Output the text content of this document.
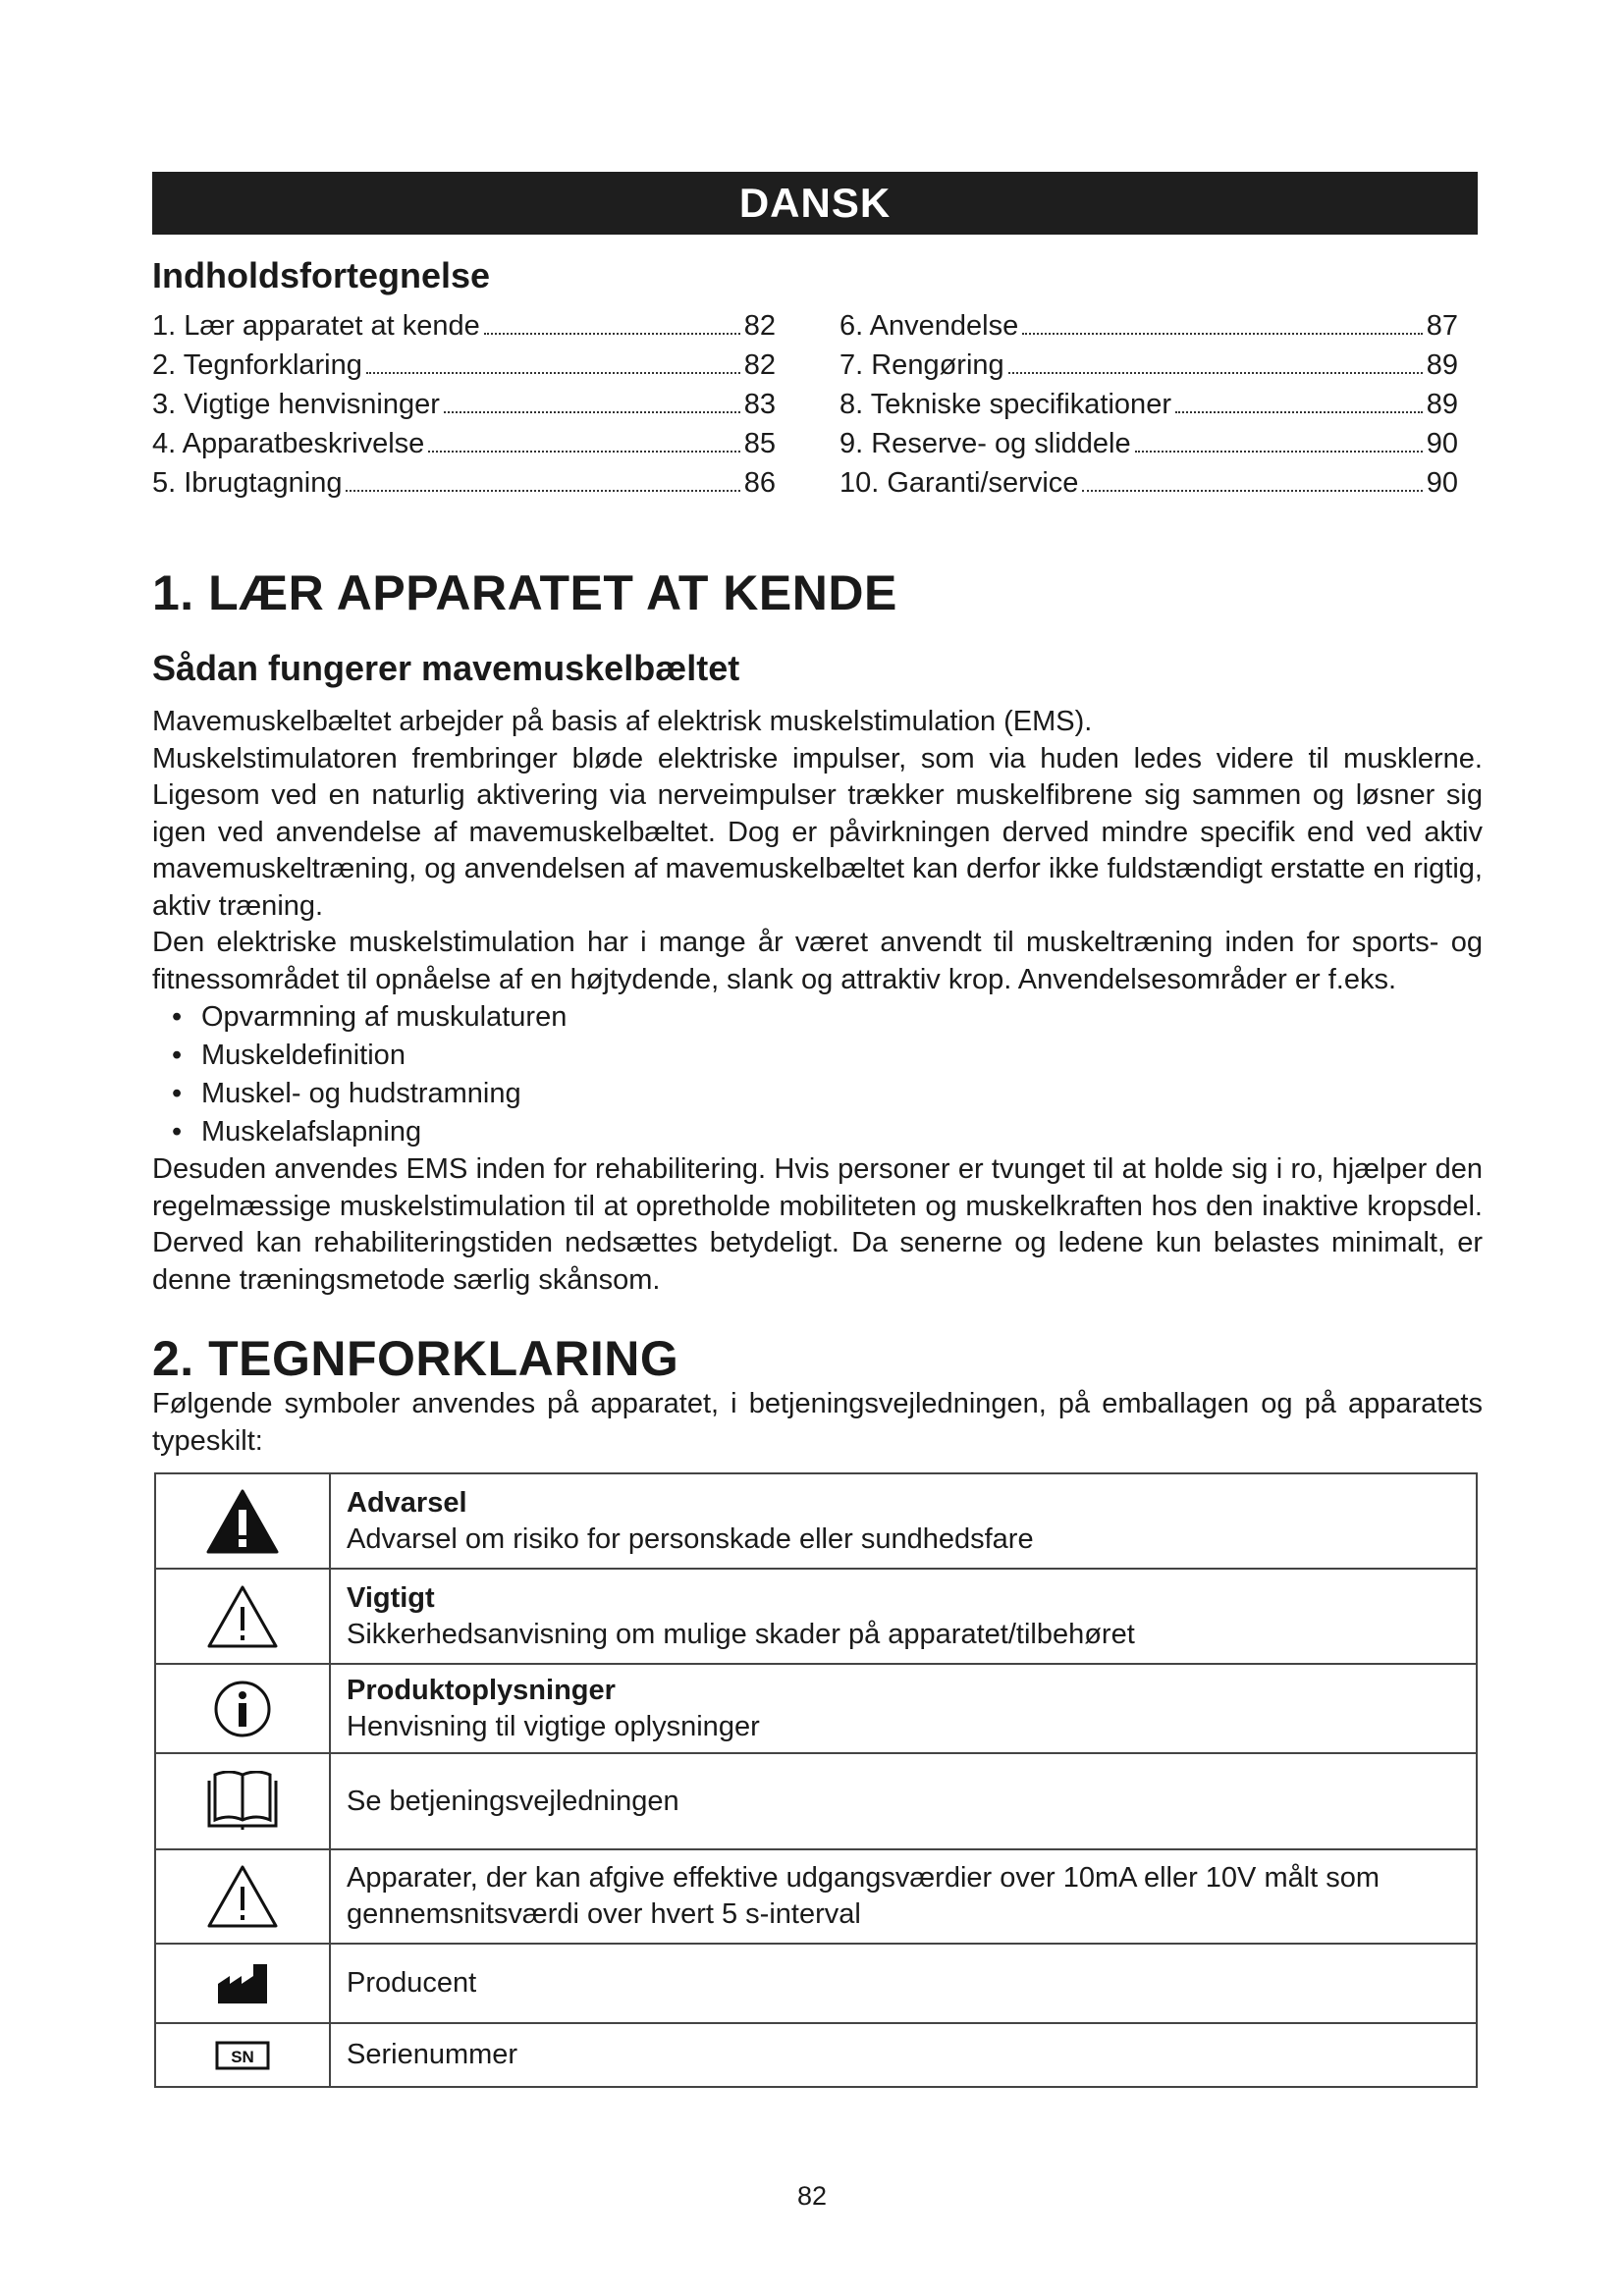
DANSK
Indholdsfortegnelse
1. Lær apparatet at kende	82
2. Tegnforklaring	82
3. Vigtige henvisninger	83
4. Apparatbeskrivelse	85
5. Ibrugtagning	86
6. Anvendelse	87
7. Rengøring	89
8. Tekniske specifikationer	89
9. Reserve- og sliddele	90
10. Garanti/service	90
1. LÆR APPARATET AT KENDE
Sådan fungerer mavemuskelbæltet

Mavemuskelbæltet arbejder på basis af elektrisk muskelstimulation (EMS).

Muskelstimulatoren frembringer bløde elektriske impulser, som via huden ledes videre til musklerne. Ligesom ved en naturlig aktivering via nerveimpulser trækker muskelfibrene sig sammen og løsner sig igen ved anvendelse af mavemuskelbæltet. Dog er påvirkningen derved mindre specifik end ved aktiv mavemuskeltræning, og anvendelsen af mavemuskelbæltet kan derfor ikke fuldstændigt erstatte en rigtig, aktiv træning.

Den elektriske muskelstimulation har i mange år været anvendt til muskeltræning inden for sports- og fitnessområdet til opnåelse af en højtydende, slank og attraktiv krop. Anvendelsesområder er f.eks.

• Opvarmning af muskulaturen
• Muskeldefinition
• Muskel- og hudstramning
• Muskelafslapning

Desuden anvendes EMS inden for rehabilitering. Hvis personer er tvunget til at holde sig i ro, hjælper den regelmæssige muskelstimulation til at opretholde mobiliteten og muskelkraften hos den inaktive kropsdel. Derved kan rehabiliteringstiden nedsættes betydeligt. Da senerne og ledene kun belastes minimalt, er denne træningsmetode særlig skånsom.

2. TEGNFORKLARING

Følgende symboler anvendes på apparatet, i betjeningsvejledningen, på emballagen og på apparatets typeskilt:

Advarsel
Advarsel om risiko for personskade eller sundhedsfare

Vigtigt
Sikkerhedsanvisning om mulige skader på apparatet/tilbehøret

Produktoplysninger
Henvisning til vigtige oplysninger

	Se betjeningsvejledningen

	Apparater, der kan afgive effektive udgangsværdier over 10mA eller 10V målt som gennemsnitsværdi over hvert 5 s-interval

	Producent

SN	Serienummer
82
